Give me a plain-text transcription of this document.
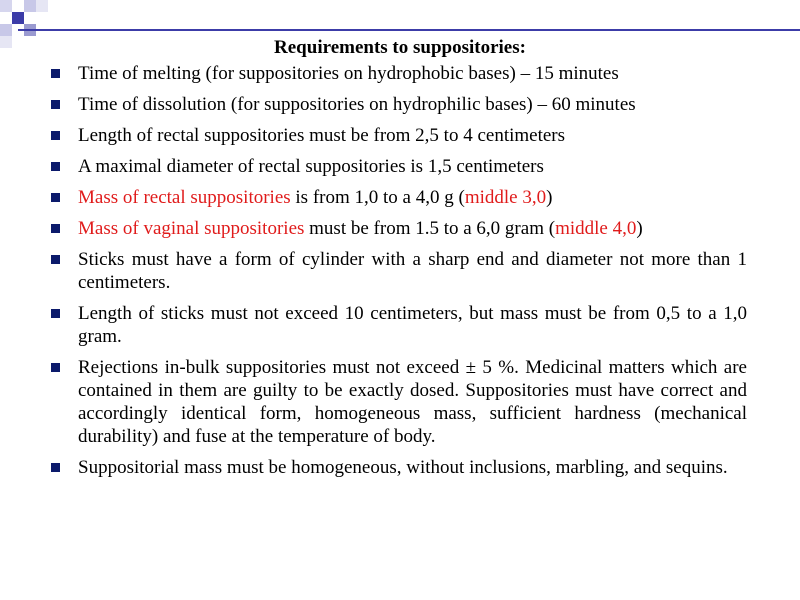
Requirements to suppositories:
Time of melting (for suppositories on hydrophobic bases) – 15 minutes
Time of dissolution (for suppositories on hydrophilic bases) – 60 minutes
Length of rectal suppositories must be from 2,5 to 4 centimeters
A maximal diameter of rectal suppositories is 1,5 centimeters
Mass of rectal suppositories is from 1,0 to a 4,0 g (middle 3,0)
Mass of vaginal suppositories must be from 1.5 to a 6,0 gram (middle 4,0)
Sticks must have a form of cylinder with a sharp end and diameter not more than 1 centimeters.
Length of sticks must not exceed 10 centimeters, but mass must be from 0,5 to a 1,0 gram.
Rejections in-bulk suppositories must not exceed ± 5 %. Medicinal matters which are contained in them are guilty to be exactly dosed. Suppositories must have correct and accordingly identical form, homogeneous mass, sufficient hardness (mechanical durability) and fuse at the temperature of body.
Suppositorial mass must be homogeneous, without inclusions, marbling, and sequins.
